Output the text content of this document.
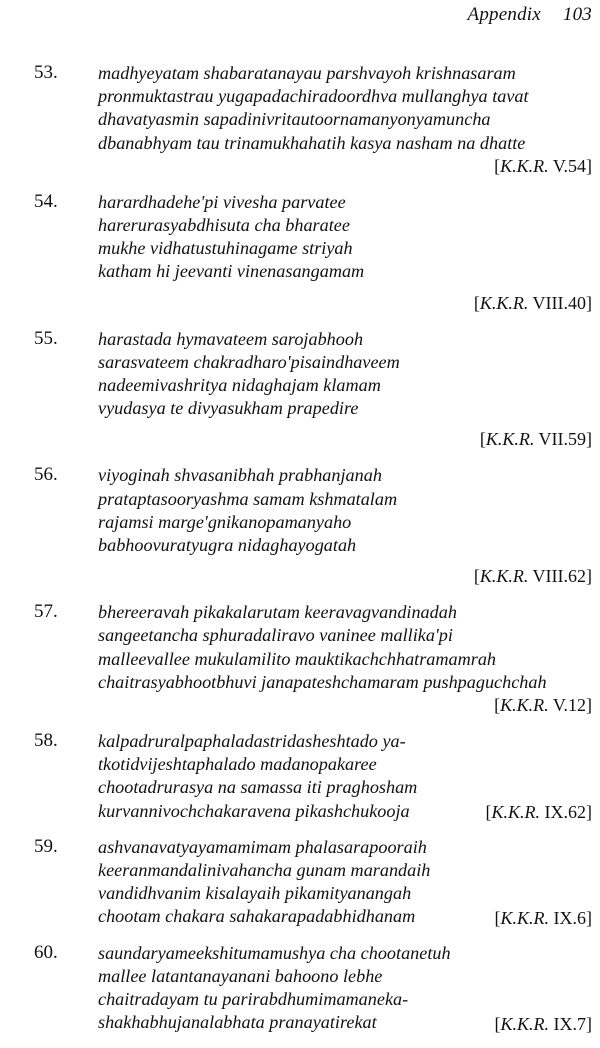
Appendix 103
53. madhyeyatam shabaratanayau parshvayoh krishnasaram
pronmuktastrau yugapadachiradoordhva mullanghya tavat
dhavatyasmin sapadinivritautoornamanyonyamuncha
dbanabhyam tau trinamukhahatih kasya nasham na dhatte
[K.K.R. V.54]
54. harardhadehe'pi vivesha parvatee
harerurasyabdhisuta cha bharatee
mukhe vidhatustuhinagame striyah
katham hi jeevanti vinenasangamam
[K.K.R. VIII.40]
55. harastada hymavateem sarojabhooh
sarasvateem chakradharo'pisaindhaveem
nadeemivashritya nidaghajam klamam
vyudasya te divyasukham prapedire
[K.K.R. VII.59]
56. viyoginah shvasanibhah prabhanjanah
prataptasooryashma samam kshmatalam
rajamsi marge'gnikanopamanyaho
babhoovuratyugra nidaghayogatah
[K.K.R. VIII.62]
57. bhereeravah pikakalarutam keeravagvandinadah
sangeetancha sphuradaliravo vaninee mallika'pi
malleevallee mukulamilito mauktikachchhatramamrah
chaitrasyabhootbhuvi janapateshchamaram pushpaguchchah
[K.K.R. V.12]
58. kalpadruralpaphaladastridasheshtado ya-
tkotidvijeshtaphalado madanopakaree
chootadrurasya na samassa iti praghosham
kurvannivochchakaravena pikashchukooja	[K.K.R. IX.62]
59. ashvanavatyayamamimam phalasarapooraih
keeranmandalinivahancha gunam marandaih
vandidhvanim kisalayaih pikamityanangah
chootam chakara sahakarapadabhidhanam	[K.K.R. IX.6]
60. saundaryameekshitumamushya cha chootanetuh
mallee latantanayanani bahoono lebhe
chaitradayam tu parirabdhumimamaneka-
shakhabhujanalabhata pranayatirekat	[K.K.R. IX.7]
